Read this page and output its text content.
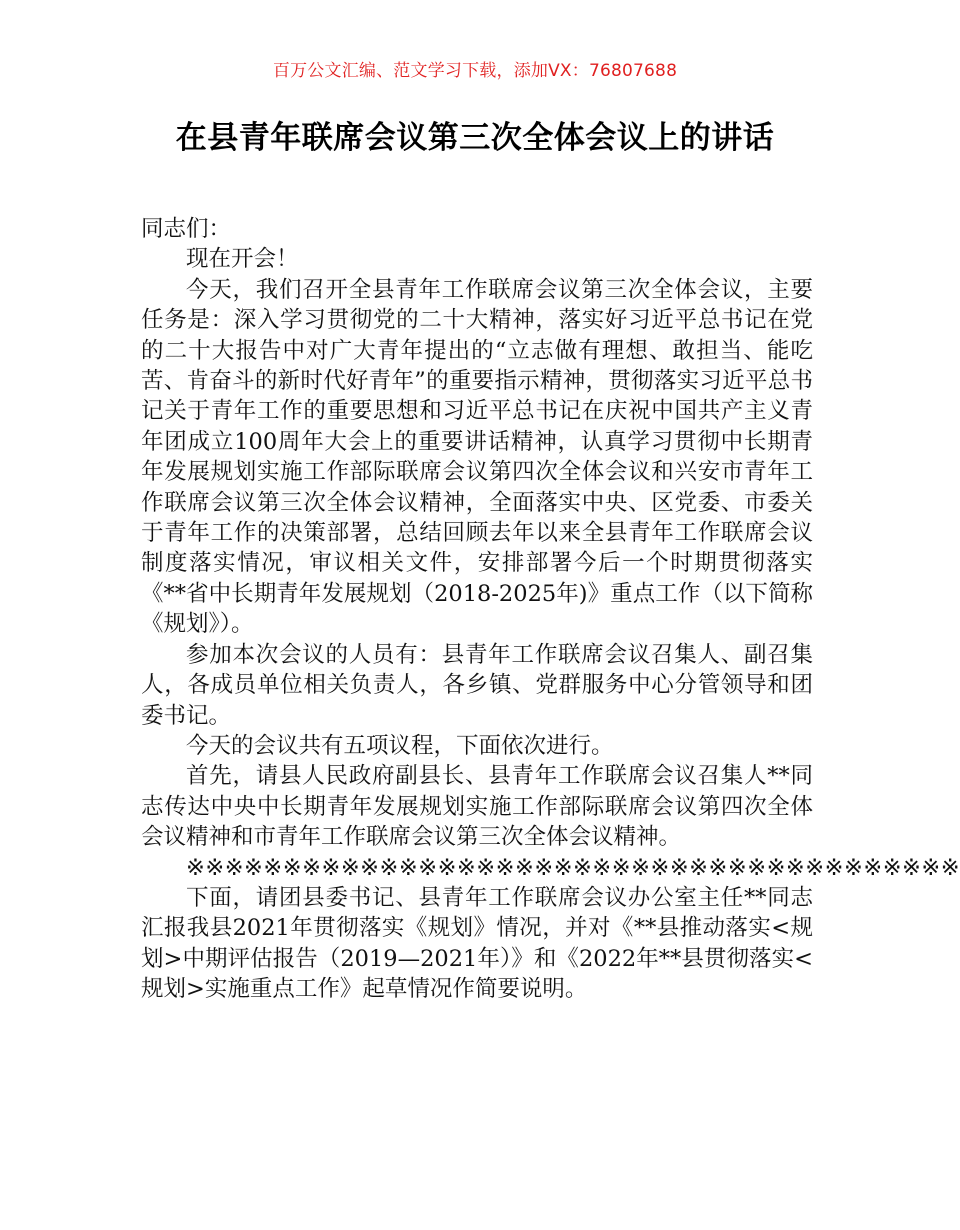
百万公文汇编、范文学习下载，添加VX：76807688
在县青年联席会议第三次全体会议上的讲话

同志们：

现在开会！

今天，我们召开全县青年工作联席会议第三次全体会议，主要任务是：深入学习贯彻党的二十大精神，落实好习近平总书记在党的二十大报告中对广大青年提出的“立志做有理想、敢担当、能吃苦、肯奋斗的新时代好青年”的重要指示精神，贯彻落实习近平总书记关于青年工作的重要思想和习近平总书记在庆祝中国共产主义青年团成立100周年大会上的重要讲话精神，认真学习贯彻中长期青年发展规划实施工作部际联席会议第四次全体会议和兴安市青年工作联席会议第三次全体会议精神，全面落实中央、区党委、市委关于青年工作的决策部署，总结回顾去年以来全县青年工作联席会议制度落实情况，审议相关文件，安排部署今后一个时期贯彻落实《**省中长期青年发展规划（2018-2025年)》重点工作（以下简称《规划》）。

参加本次会议的人员有：县青年工作联席会议召集人、副召集人，各成员单位相关负责人，各乡镇、党群服务中心分管领导和团委书记。

今天的会议共有五项议程，下面依次进行。

首先，请县人民政府副县长、县青年工作联席会议召集人**同志传达中央中长期青年发展规划实施工作部际联席会议第四次全体会议精神和市青年工作联席会议第三次全体会议精神。

※※※※※※※※※※※※※※※※※※※※※※※※※※※※※※※※※※※※※※※※

下面，请团县委书记、县青年工作联席会议办公室主任**同志汇报我县2021年贯彻落实《规划》情况，并对《**县推动落实<规划>中期评估报告（2019—2021年）》和《2022年**县贯彻落实<规划>实施重点工作》起草情况作简要说明。
